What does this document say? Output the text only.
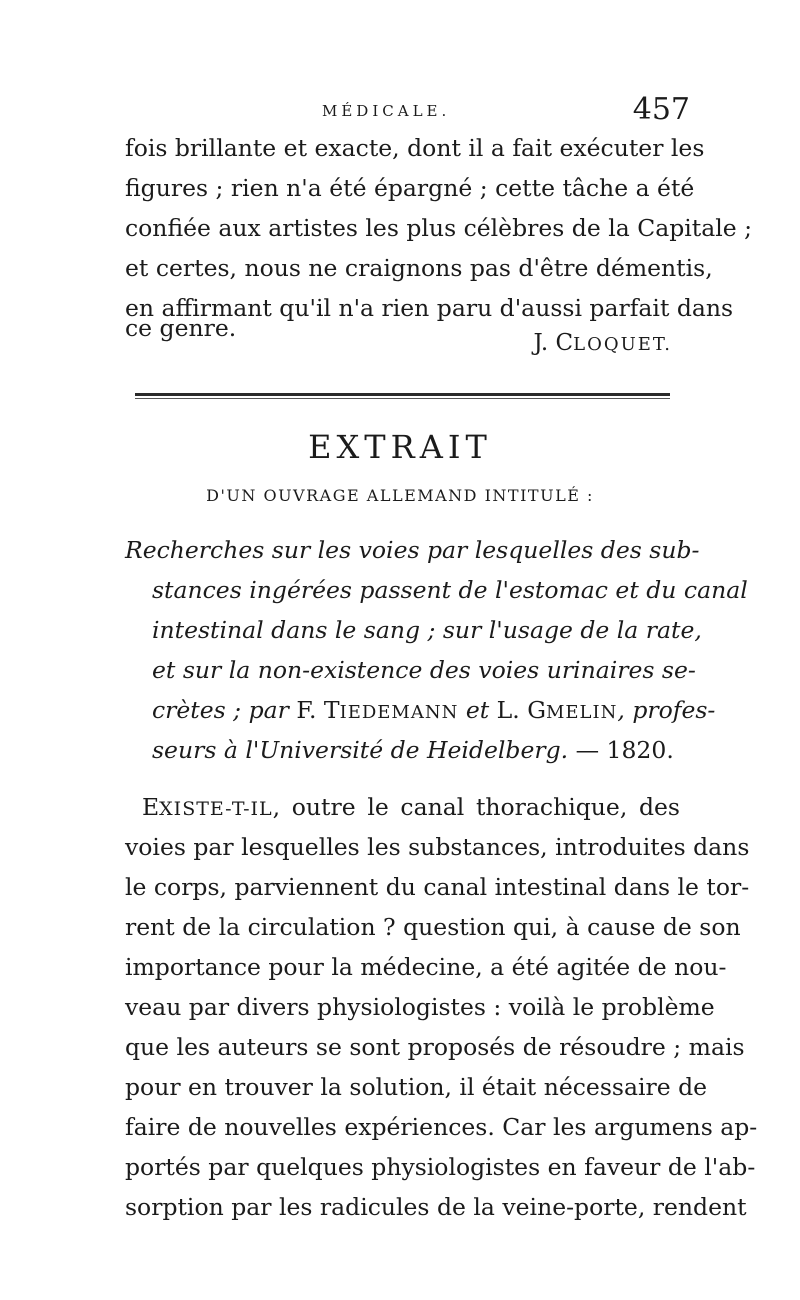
MÉDICALE.	457
fois brillante et exacte, dont il a fait exécuter les
figures ; rien n'a été épargné ; cette tâche a été
confiée aux artistes les plus célèbres de la Capitale ;
et certes, nous ne craignons pas d'être démentis,
en affirmant qu'il n'a rien paru d'aussi parfait dans
ce genre.
J. CLOQUET.
EXTRAIT
D'UN OUVRAGE ALLEMAND INTITULÉ :
Recherches sur les voies par lesquelles des sub-
stances ingérées passent de l'estomac et du canal
intestinal dans le sang ; sur l'usage de la rate,
et sur la non-existence des voies urinaires se-
crètes ; par F. TIEDEMANN et L. GMELIN, profes-
seurs à l'Université de Heidelberg. — 1820.
EXISTE-T-IL, outre le canal thorachique, des
voies par lesquelles les substances, introduites dans
le corps, parviennent du canal intestinal dans le tor-
rent de la circulation ? question qui, à cause de son
importance pour la médecine, a été agitée de nou-
veau par divers physiologistes : voilà le problème
que les auteurs se sont proposés de résoudre ; mais
pour en trouver la solution, il était nécessaire de
faire de nouvelles expériences. Car les argumens ap-
portés par quelques physiologistes en faveur de l'ab-
sorption par les radicules de la veine-porte, rendent
